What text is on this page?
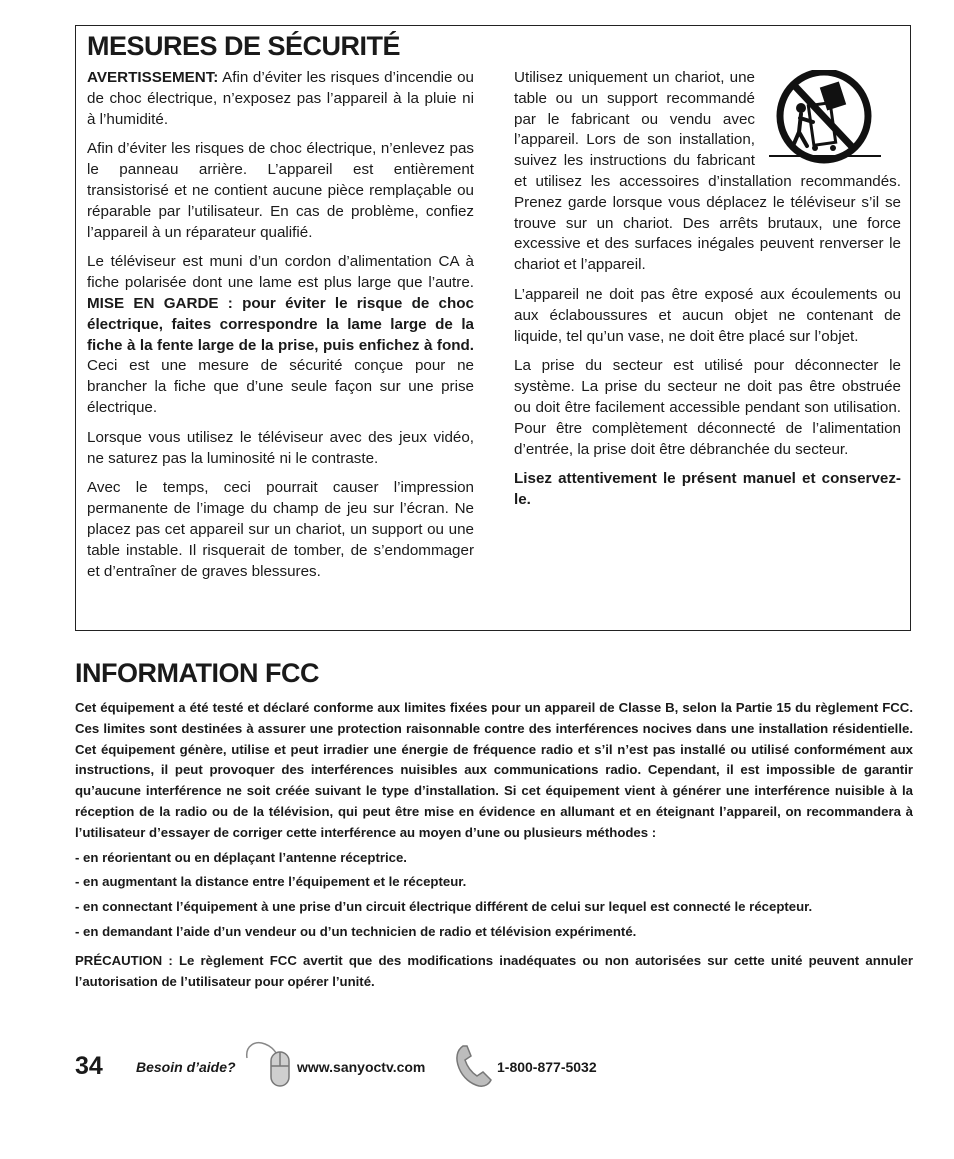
MESURES DE SÉCURITÉ

AVERTISSEMENT: Afin d’éviter les risques d’incendie ou de choc électrique, n’exposez pas l’appareil à la pluie ni à l’humidité.

Afin d’éviter les risques de choc électrique, n’enlevez pas le panneau arrière. L’appareil est entièrement transistorisé et ne contient aucune pièce remplaçable ou réparable par l’utilisateur. En cas de problème, confiez l’appareil à un réparateur qualifié.

Le téléviseur est muni d’un cordon d’alimentation CA à fiche polarisée dont une lame est plus large que l’autre. MISE EN GARDE : pour éviter le risque de choc électrique, faites correspondre la lame large de la fiche à la fente large de la prise, puis enfichez à fond. Ceci est une mesure de sécurité conçue pour ne brancher la fiche que d’une seule façon sur une prise électrique.

Lorsque vous utilisez le téléviseur avec des jeux vidéo, ne saturez pas la luminosité ni le contraste.

Avec le temps, ceci pourrait causer l’impression permanente de l’image du champ de jeu sur l’écran. Ne placez pas cet appareil sur un chariot, un support ou une table instable. Il risquerait de tomber, de s’endommager et d’entraîner de graves blessures.

Utilisez uniquement un chariot, une table ou un support recommandé par le fabricant ou vendu avec l’appareil. Lors de son installation, suivez les instructions du fabricant et utilisez les accessoires d’installation recommandés. Prenez garde lorsque vous déplacez le téléviseur s’il se trouve sur un chariot. Des arrêts brutaux, une force excessive et des surfaces inégales peuvent renverser le chariot et l’appareil.

L’appareil ne doit pas être exposé aux écoulements ou aux éclaboussures et aucun objet ne contenant de liquide, tel qu’un vase, ne doit être placé sur l’objet.

La prise du secteur est utilisé pour déconnecter le système. La prise du secteur ne doit pas être obstruée ou doit être facilement accessible pendant son utilisation. Pour être complètement déconnecté de l’alimentation d’entrée, la prise doit être débranchée du secteur.

Lisez attentivement le présent manuel et conservez-le.

INFORMATION FCC

Cet équipement a été testé et déclaré conforme aux limites fixées pour un appareil de Classe B, selon la Partie 15 du règlement FCC. Ces limites sont destinées à assurer une protection raisonnable contre des interférences nocives dans une installation résidentielle. Cet équipement génère, utilise et peut irradier une énergie de fréquence radio et s’il n’est pas installé ou utilisé conformément aux instructions, il peut provoquer des interférences nuisibles aux communications radio. Cependant, il est impossible de garantir qu’aucune interférence ne soit créée suivant le type d’installation. Si cet équipement vient à générer une interférence nuisible à la réception de la radio ou de la télévision, qui peut être mise en évidence en allumant et en éteignant l’appareil, on recommandera à l’utilisateur d’essayer de corriger cette interférence au moyen d’une ou plusieurs méthodes :

- en réorientant ou en déplaçant l’antenne réceptrice.

- en augmentant la distance entre l’équipement et le récepteur.

- en connectant l’équipement à une prise d’un circuit électrique différent de celui sur lequel est connecté le récepteur.

- en demandant l’aide d’un vendeur ou d’un technicien de radio et télévision expérimenté.

PRÉCAUTION : Le règlement FCC avertit que des modifications inadéquates ou non autorisées sur cette unité peuvent annuler l’autorisation de l’utilisateur pour opérer l’unité.

34 Besoin d’aide?	www.sanyoctv.com	1-800-877-5032
